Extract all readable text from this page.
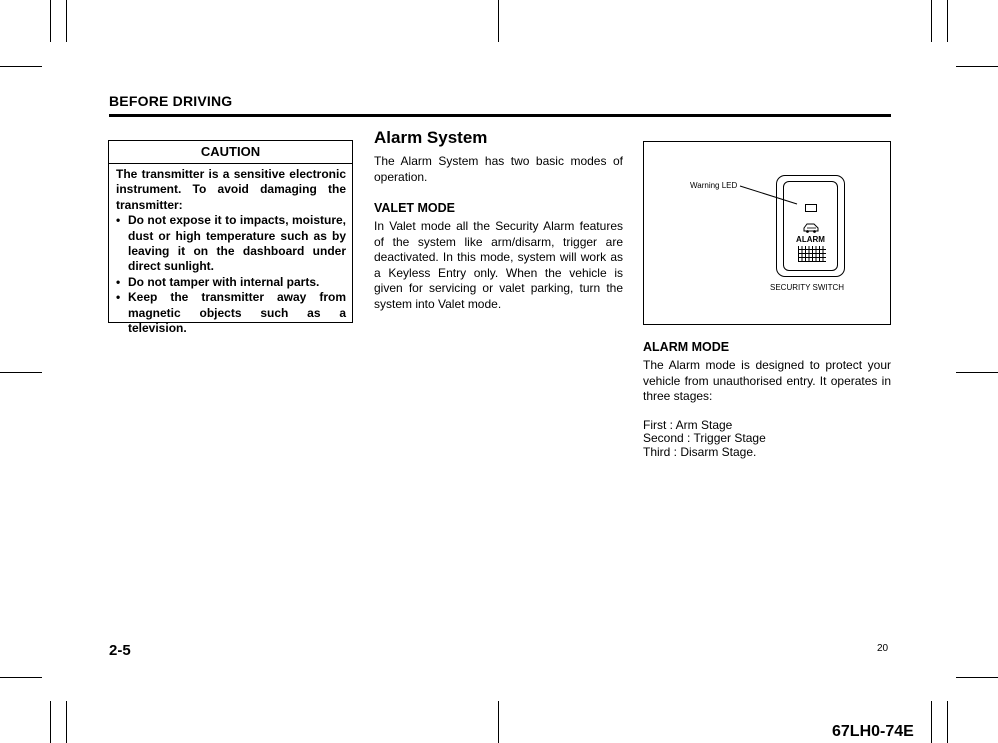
BEFORE DRIVING
CAUTION

The transmitter is a sensitive electronic instrument. To avoid damaging the transmitter:

• Do not expose it to impacts, moisture, dust or high temperature such as by leaving it on the dashboard under direct sunlight.
• Do not tamper with internal parts.
• Keep the transmitter away from magnetic objects such as a television.
Alarm System

The Alarm System has two basic modes of operation.

VALET MODE

In Valet mode all the Security Alarm features of the system like arm/disarm, trigger are deactivated. In this mode, system will work as a Keyless Entry only. When the vehicle is given for servicing or valet parking, turn the system into Valet mode.

Warning LED
ALARM
SECURITY SWITCH
ALARM MODE

The Alarm mode is designed to protect your vehicle from unauthorised entry. It operates in three stages:

First : Arm Stage
Second : Trigger Stage
Third : Disarm Stage.
2-5	20
67LH0-74E
